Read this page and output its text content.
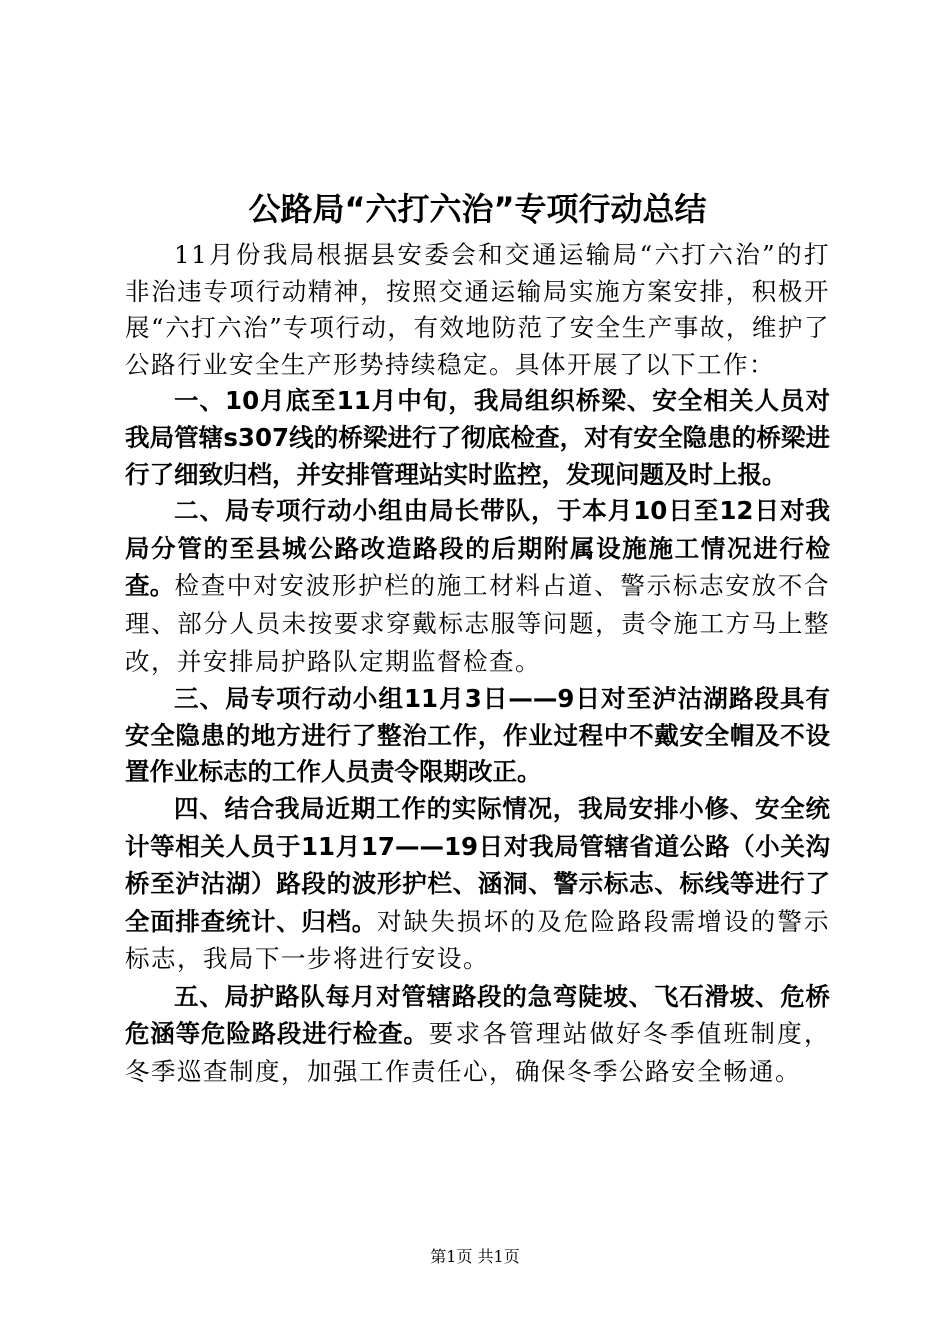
公路局“六打六治”专项行动总结

11月份我局根据县安委会和交通运输局“六打六治”的打非治违专项行动精神，按照交通运输局实施方案安排，积极开展“六打六治”专项行动，有效地防范了安全生产事故，维护了公路行业安全生产形势持续稳定。具体开展了以下工作：

一、10月底至11月中旬，我局组织桥梁、安全相关人员对我局管辖s307线的桥梁进行了彻底检查，对有安全隐患的桥梁进行了细致归档，并安排管理站实时监控，发现问题及时上报。

二、局专项行动小组由局长带队，于本月10日至12日对我局分管的至县城公路改造路段的后期附属设施施工情况进行检查。检查中对安波形护栏的施工材料占道、警示标志安放不合理、部分人员未按要求穿戴标志服等问题，责令施工方马上整改，并安排局护路队定期监督检查。

三、局专项行动小组11月3日——9日对至泸沽湖路段具有安全隐患的地方进行了整治工作，作业过程中不戴安全帽及不设置作业标志的工作人员责令限期改正。

四、结合我局近期工作的实际情况，我局安排小修、安全统计等相关人员于11月17——19日对我局管辖省道公路（小关沟桥至泸沽湖）路段的波形护栏、涵洞、警示标志、标线等进行了全面排查统计、归档。对缺失损坏的及危险路段需增设的警示标志，我局下一步将进行安设。

五、局护路队每月对管辖路段的急弯陡坡、飞石滑坡、危桥危涵等危险路段进行检查。要求各管理站做好冬季值班制度，冬季巡查制度，加强工作责任心，确保冬季公路安全畅通。

第1页 共1页
